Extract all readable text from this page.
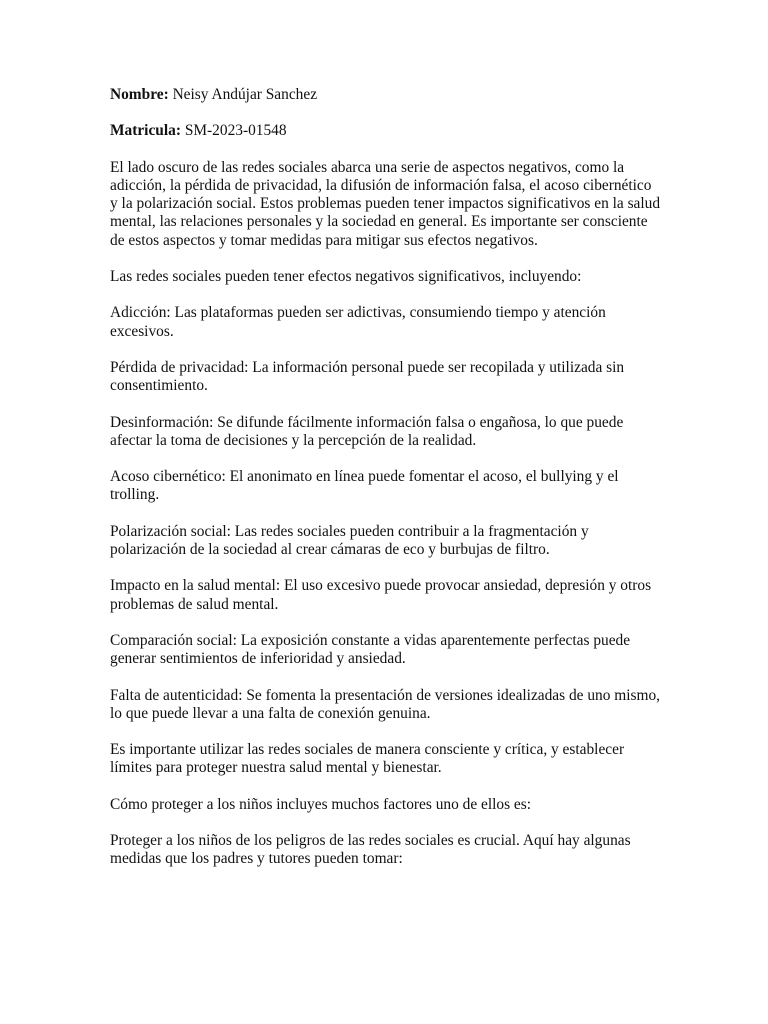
Nombre: Neisy Andújar Sanchez

Matricula: SM-2023-01548

El lado oscuro de las redes sociales abarca una serie de aspectos negativos, como la adicción, la pérdida de privacidad, la difusión de información falsa, el acoso cibernético y la polarización social. Estos problemas pueden tener impactos significativos en la salud mental, las relaciones personales y la sociedad en general. Es importante ser consciente de estos aspectos y tomar medidas para mitigar sus efectos negativos.

Las redes sociales pueden tener efectos negativos significativos, incluyendo:

Adicción: Las plataformas pueden ser adictivas, consumiendo tiempo y atención excesivos.

Pérdida de privacidad: La información personal puede ser recopilada y utilizada sin consentimiento.

Desinformación: Se difunde fácilmente información falsa o engañosa, lo que puede afectar la toma de decisiones y la percepción de la realidad.

Acoso cibernético: El anonimato en línea puede fomentar el acoso, el bullying y el trolling.

Polarización social: Las redes sociales pueden contribuir a la fragmentación y polarización de la sociedad al crear cámaras de eco y burbujas de filtro.

Impacto en la salud mental: El uso excesivo puede provocar ansiedad, depresión y otros problemas de salud mental.

Comparación social: La exposición constante a vidas aparentemente perfectas puede generar sentimientos de inferioridad y ansiedad.

Falta de autenticidad: Se fomenta la presentación de versiones idealizadas de uno mismo, lo que puede llevar a una falta de conexión genuina.

Es importante utilizar las redes sociales de manera consciente y crítica, y establecer límites para proteger nuestra salud mental y bienestar.

Cómo proteger a los niños incluyes muchos factores uno de ellos es:

Proteger a los niños de los peligros de las redes sociales es crucial. Aquí hay algunas medidas que los padres y tutores pueden tomar:
